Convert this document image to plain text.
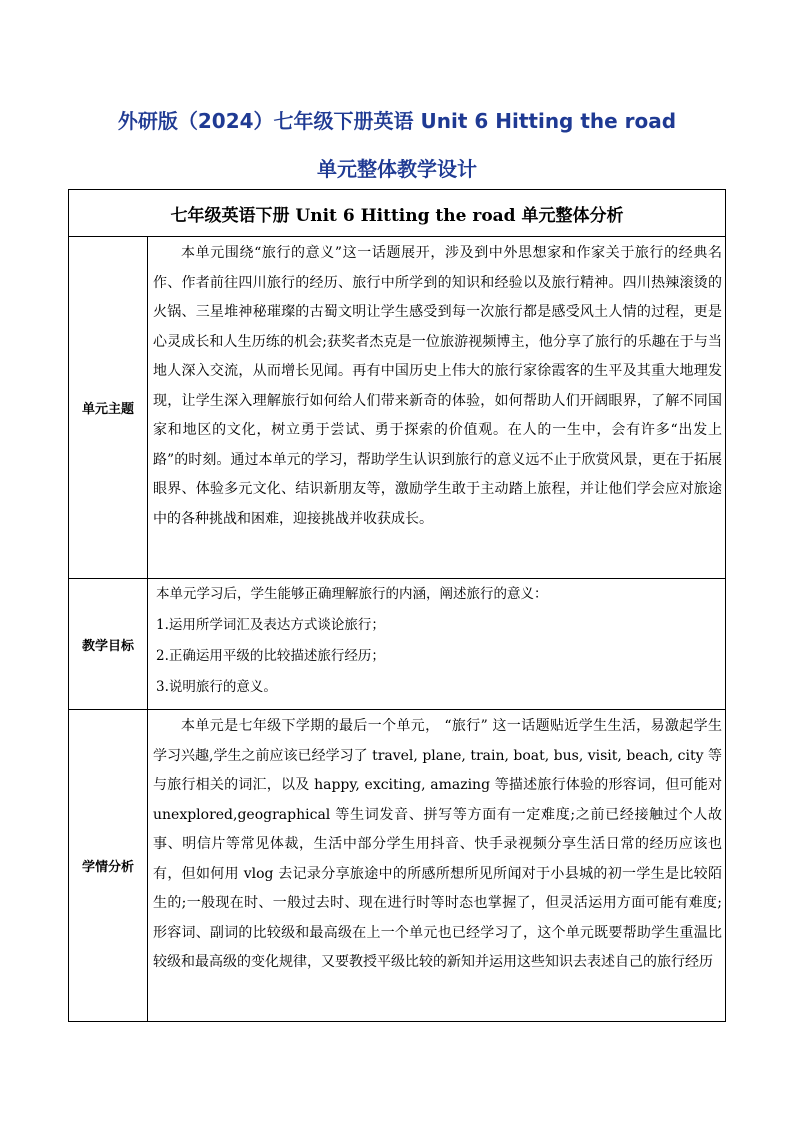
外研版（2024）七年级下册英语 Unit 6 Hitting the road
单元整体教学设计
七年级英语下册 Unit 6 Hitting the road 单元整体分析	
单元主题	本单元围绕“旅行的意义”这一话题展开，涉及到中外思想家和作家关于旅行的经典名作、作者前往四川旅行的经历、旅行中所学到的知识和经验以及旅行精神。四川热辣滚烫的火锅、三星堆神秘璀璨的古蜀文明让学生感受到每一次旅行都是感受风土人情的过程，更是心灵成长和人生历练的机会;获奖者杰克是一位旅游视频博主，他分享了旅行的乐趣在于与当地人深入交流，从而增长见闻。再有中国历史上伟大的旅行家徐霞客的生平及其重大地理发现，让学生深入理解旅行如何给人们带来新奇的体验，如何帮助人们开阔眼界，了解不同国家和地区的文化，树立勇于尝试、勇于探索的价值观。在人的一生中，会有许多“出发上路”的时刻。通过本单元的学习，帮助学生认识到旅行的意义远不止于欣赏风景，更在于拓展眼界、体验多元文化、结识新朋友等，激励学生敢于主动踏上旅程，并让他们学会应对旅途中的各种挑战和困难，迎接挑战并收获成长。

教学目标	本单元学习后，学生能够正确理解旅行的内涵，阐述旅行的意义：

1.运用所学词汇及表达方式谈论旅行；

2.正确运用平级的比较描述旅行经历；

3.说明旅行的意义。

学情分析	本单元是七年级下学期的最后一个单元， “旅行” 这一话题贴近学生生活，易激起学生学习兴趣,学生之前应该已经学习了 travel, plane, train, boat, bus, visit, beach, city 等与旅行相关的词汇，以及 happy, exciting, amazing 等描述旅行体验的形容词，但可能对 unexplored,geographical 等生词发音、拼写等方面有一定难度;之前已经接触过个人故事、明信片等常见体裁，生活中部分学生用抖音、快手录视频分享生活日常的经历应该也有，但如何用 vlog 去记录分享旅途中的所感所想所见所闻对于小县城的初一学生是比较陌生的;一般现在时、一般过去时、现在进行时等时态也掌握了，但灵活运用方面可能有难度;形容词、副词的比较级和最高级在上一个单元也已经学习了，这个单元既要帮助学生重温比较级和最高级的变化规律，又要教授平级比较的新知并运用这些知识去表述自己的旅行经历
